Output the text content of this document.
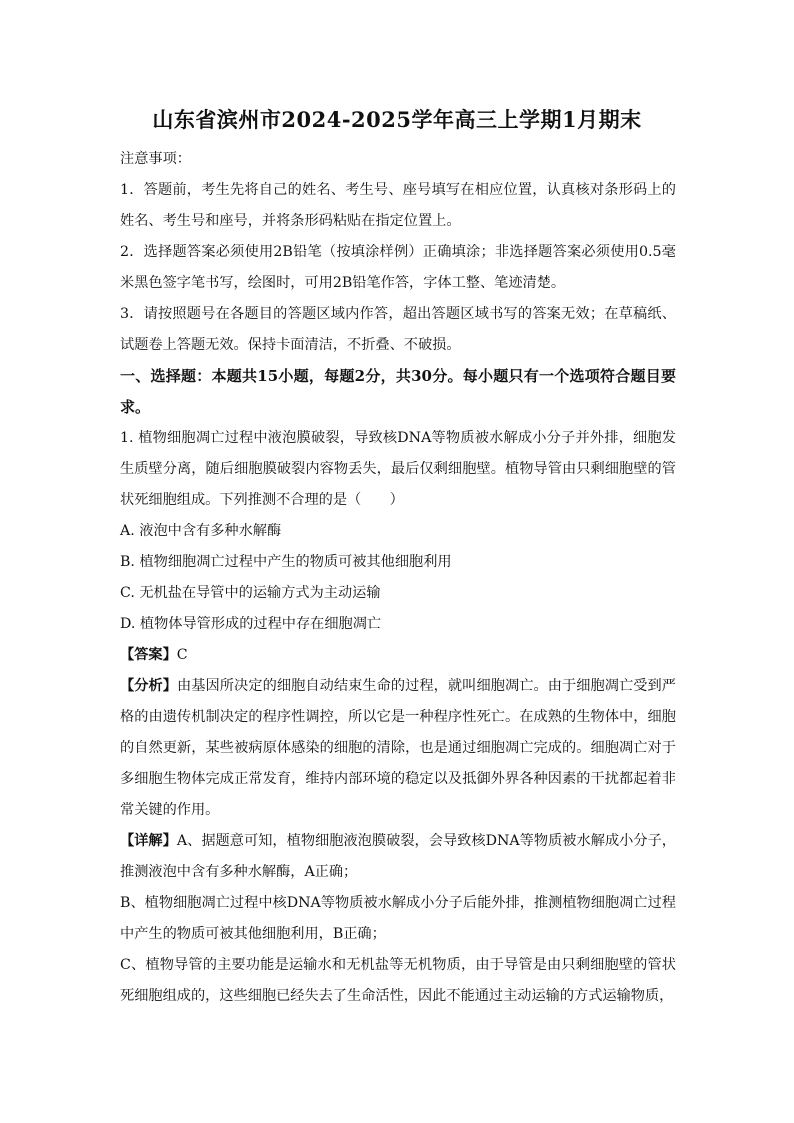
山东省滨州市2024-2025学年高三上学期1月期末

注意事项：

1．答题前，考生先将自己的姓名、考生号、座号填写在相应位置，认真核对条形码上的姓名、考生号和座号，并将条形码粘贴在指定位置上。

2．选择题答案必须使用2B铅笔（按填涂样例）正确填涂；非选择题答案必须使用0.5毫米黑色签字笔书写，绘图时，可用2B铅笔作答，字体工整、笔迹清楚。

3．请按照题号在各题目的答题区域内作答，超出答题区域书写的答案无效；在草稿纸、试题卷上答题无效。保持卡面清洁，不折叠、不破损。

一、选择题：本题共15小题，每题2分，共30分。每小题只有一个选项符合题目要求。

1. 植物细胞凋亡过程中液泡膜破裂，导致核DNA等物质被水解成小分子并外排，细胞发生质壁分离，随后细胞膜破裂内容物丢失，最后仅剩细胞壁。植物导管由只剩细胞壁的管状死细胞组成。下列推测不合理的是（　　）

A. 液泡中含有多种水解酶

B. 植物细胞凋亡过程中产生的物质可被其他细胞利用

C. 无机盐在导管中的运输方式为主动运输

D. 植物体导管形成的过程中存在细胞凋亡

【答案】C

【分析】由基因所决定的细胞自动结束生命的过程，就叫细胞凋亡。由于细胞凋亡受到严格的由遗传机制决定的程序性调控，所以它是一种程序性死亡。在成熟的生物体中，细胞的自然更新，某些被病原体感染的细胞的清除，也是通过细胞凋亡完成的。细胞凋亡对于多细胞生物体完成正常发育，维持内部环境的稳定以及抵御外界各种因素的干扰都起着非常关键的作用。

【详解】A、据题意可知，植物细胞液泡膜破裂，会导致核DNA等物质被水解成小分子，推测液泡中含有多种水解酶，A正确；

B、植物细胞凋亡过程中核DNA等物质被水解成小分子后能外排，推测植物细胞凋亡过程中产生的物质可被其他细胞利用，B正确；

C、植物导管的主要功能是运输水和无机盐等无机物质，由于导管是由只剩细胞壁的管状死细胞组成的，这些细胞已经失去了生命活性，因此不能通过主动运输的方式运输物质，
